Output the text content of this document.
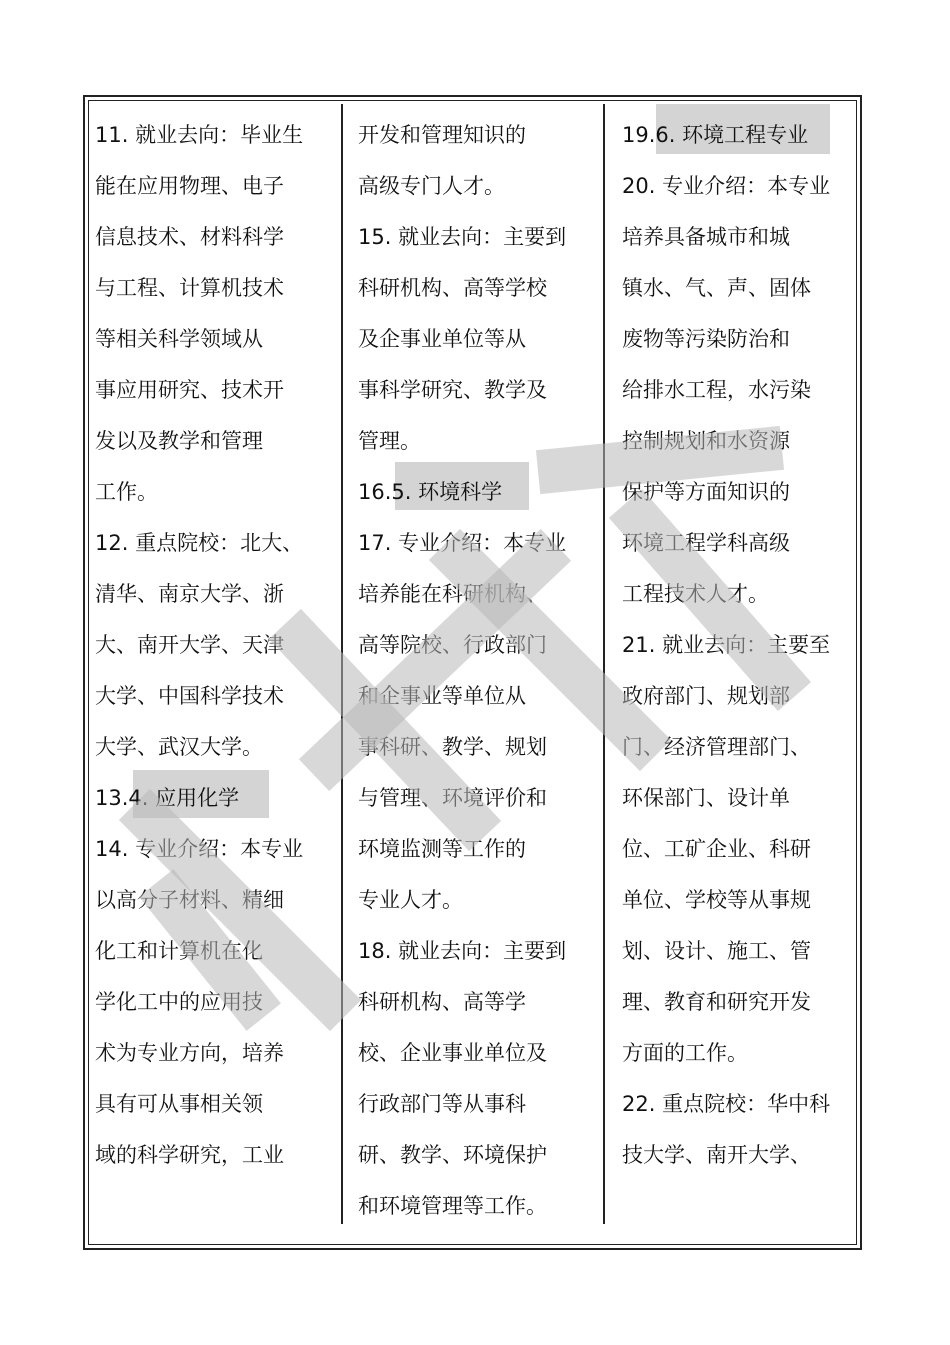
11. 就业去向：毕业生
能在应用物理、电子
信息技术、材料科学
与工程、计算机技术
等相关科学领域从
事应用研究、技术开
发以及教学和管理
工作。
12. 重点院校：北大、
清华、南京大学、浙
大、南开大学、天津
大学、中国科学技术
大学、武汉大学。
13.4. 应用化学
14. 专业介绍：本专业
以高分子材料、精细
化工和计算机在化
学化工中的应用技
术为专业方向，培养
具有可从事相关领
域的科学研究，工业
开发和管理知识的
高级专门人才。
15. 就业去向：主要到
科研机构、高等学校
及企事业单位等从
事科学研究、教学及
管理。
16.5. 环境科学
17. 专业介绍：本专业
培养能在科研机构、
高等院校、行政部门
和企事业等单位从
事科研、教学、规划
与管理、环境评价和
环境监测等工作的
专业人才。
18. 就业去向：主要到
科研机构、高等学
校、企业事业单位及
行政部门等从事科
研、教学、环境保护
和环境管理等工作。
19.6. 环境工程专业
20. 专业介绍：本专业
培养具备城市和城
镇水、气、声、固体
废物等污染防治和
给排水工程，水污染
控制规划和水资源
保护等方面知识的
环境工程学科高级
工程技术人才。
21. 就业去向：主要至
政府部门、规划部
门、经济管理部门、
环保部门、设计单
位、工矿企业、科研
单位、学校等从事规
划、设计、施工、管
理、教育和研究开发
方面的工作。
22. 重点院校：华中科
技大学、南开大学、
